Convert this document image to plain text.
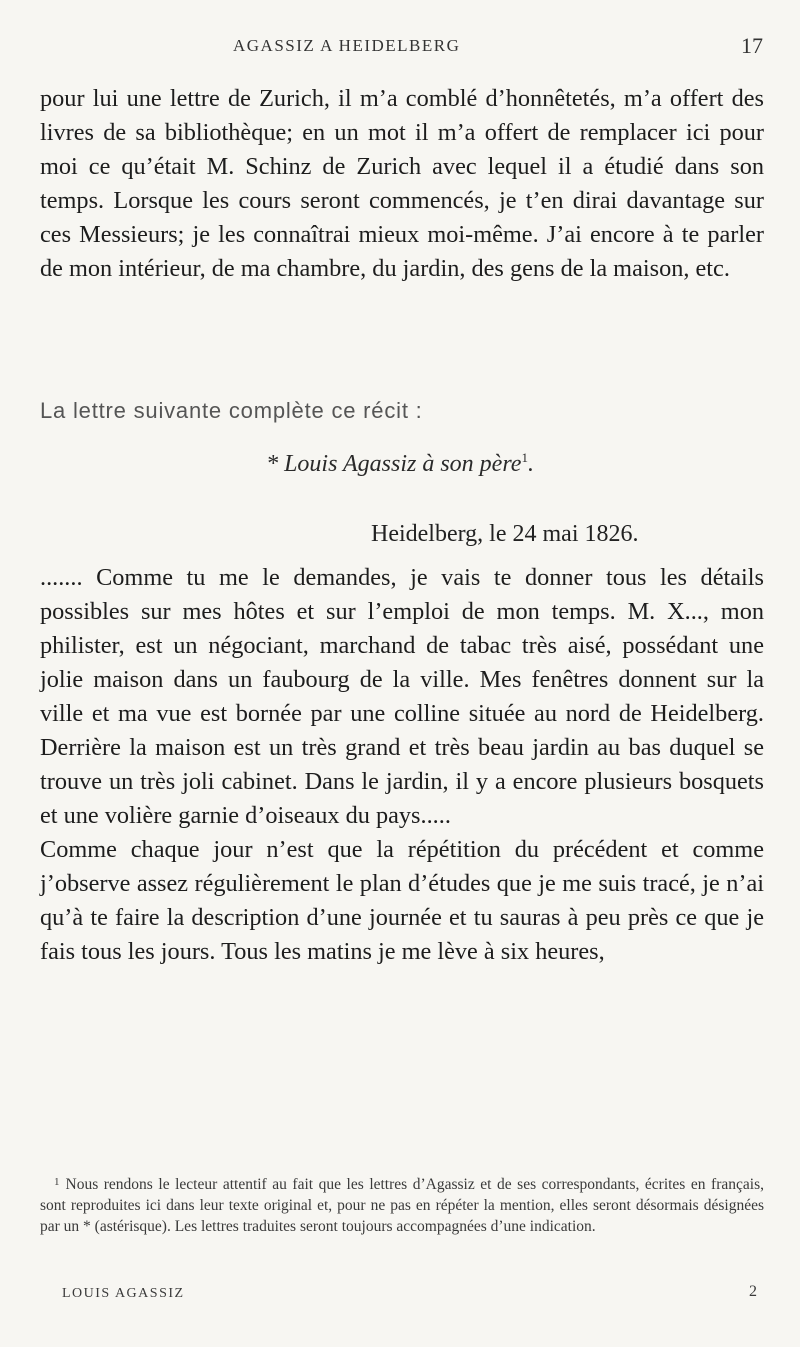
AGASSIZ A HEIDELBERG	17

pour lui une lettre de Zurich, il m’a comblé d’honnêtetés, m’a offert des livres de sa bibliothèque; en un mot il m’a offert de remplacer ici pour moi ce qu’était M. Schinz de Zurich avec lequel il a étudié dans son temps. Lorsque les cours seront commencés, je t’en dirai davantage sur ces Messieurs; je les connaîtrai mieux moi-même. J’ai encore à te parler de mon intérieur, de ma chambre, du jardin, des gens de la maison, etc.

La lettre suivante complète ce récit :
* Louis Agassiz à son père$^1$.
Heidelberg, le 24 mai 1826.

....... Comme tu me le demandes, je vais te donner tous les détails possibles sur mes hôtes et sur l’emploi de mon temps. M. X..., mon philister, est un négociant, marchand de tabac très aisé, possédant une jolie maison dans un faubourg de la ville. Mes fenêtres donnent sur la ville et ma vue est bornée par une colline située au nord de Heidelberg. Derrière la maison est un très grand et très beau jardin au bas duquel se trouve un très joli cabinet. Dans le jardin, il y a encore plusieurs bosquets et une volière garnie d’oiseaux du pays.....

Comme chaque jour n’est que la répétition du précédent et comme j’observe assez régulièrement le plan d’études que je me suis tracé, je n’ai qu’à te faire la description d’une journée et tu sauras à peu près ce que je fais tous les jours. Tous les matins je me lève à six heures,

$^1$ Nous rendons le lecteur attentif au fait que les lettres d’Agassiz et de ses correspondants, écrites en français, sont reproduites ici dans leur texte original et, pour ne pas en répéter la mention, elles seront désormais désignées par un * (astérisque). Les lettres traduites seront toujours accompagnées d’une indication.
LOUIS AGASSIZ	2
